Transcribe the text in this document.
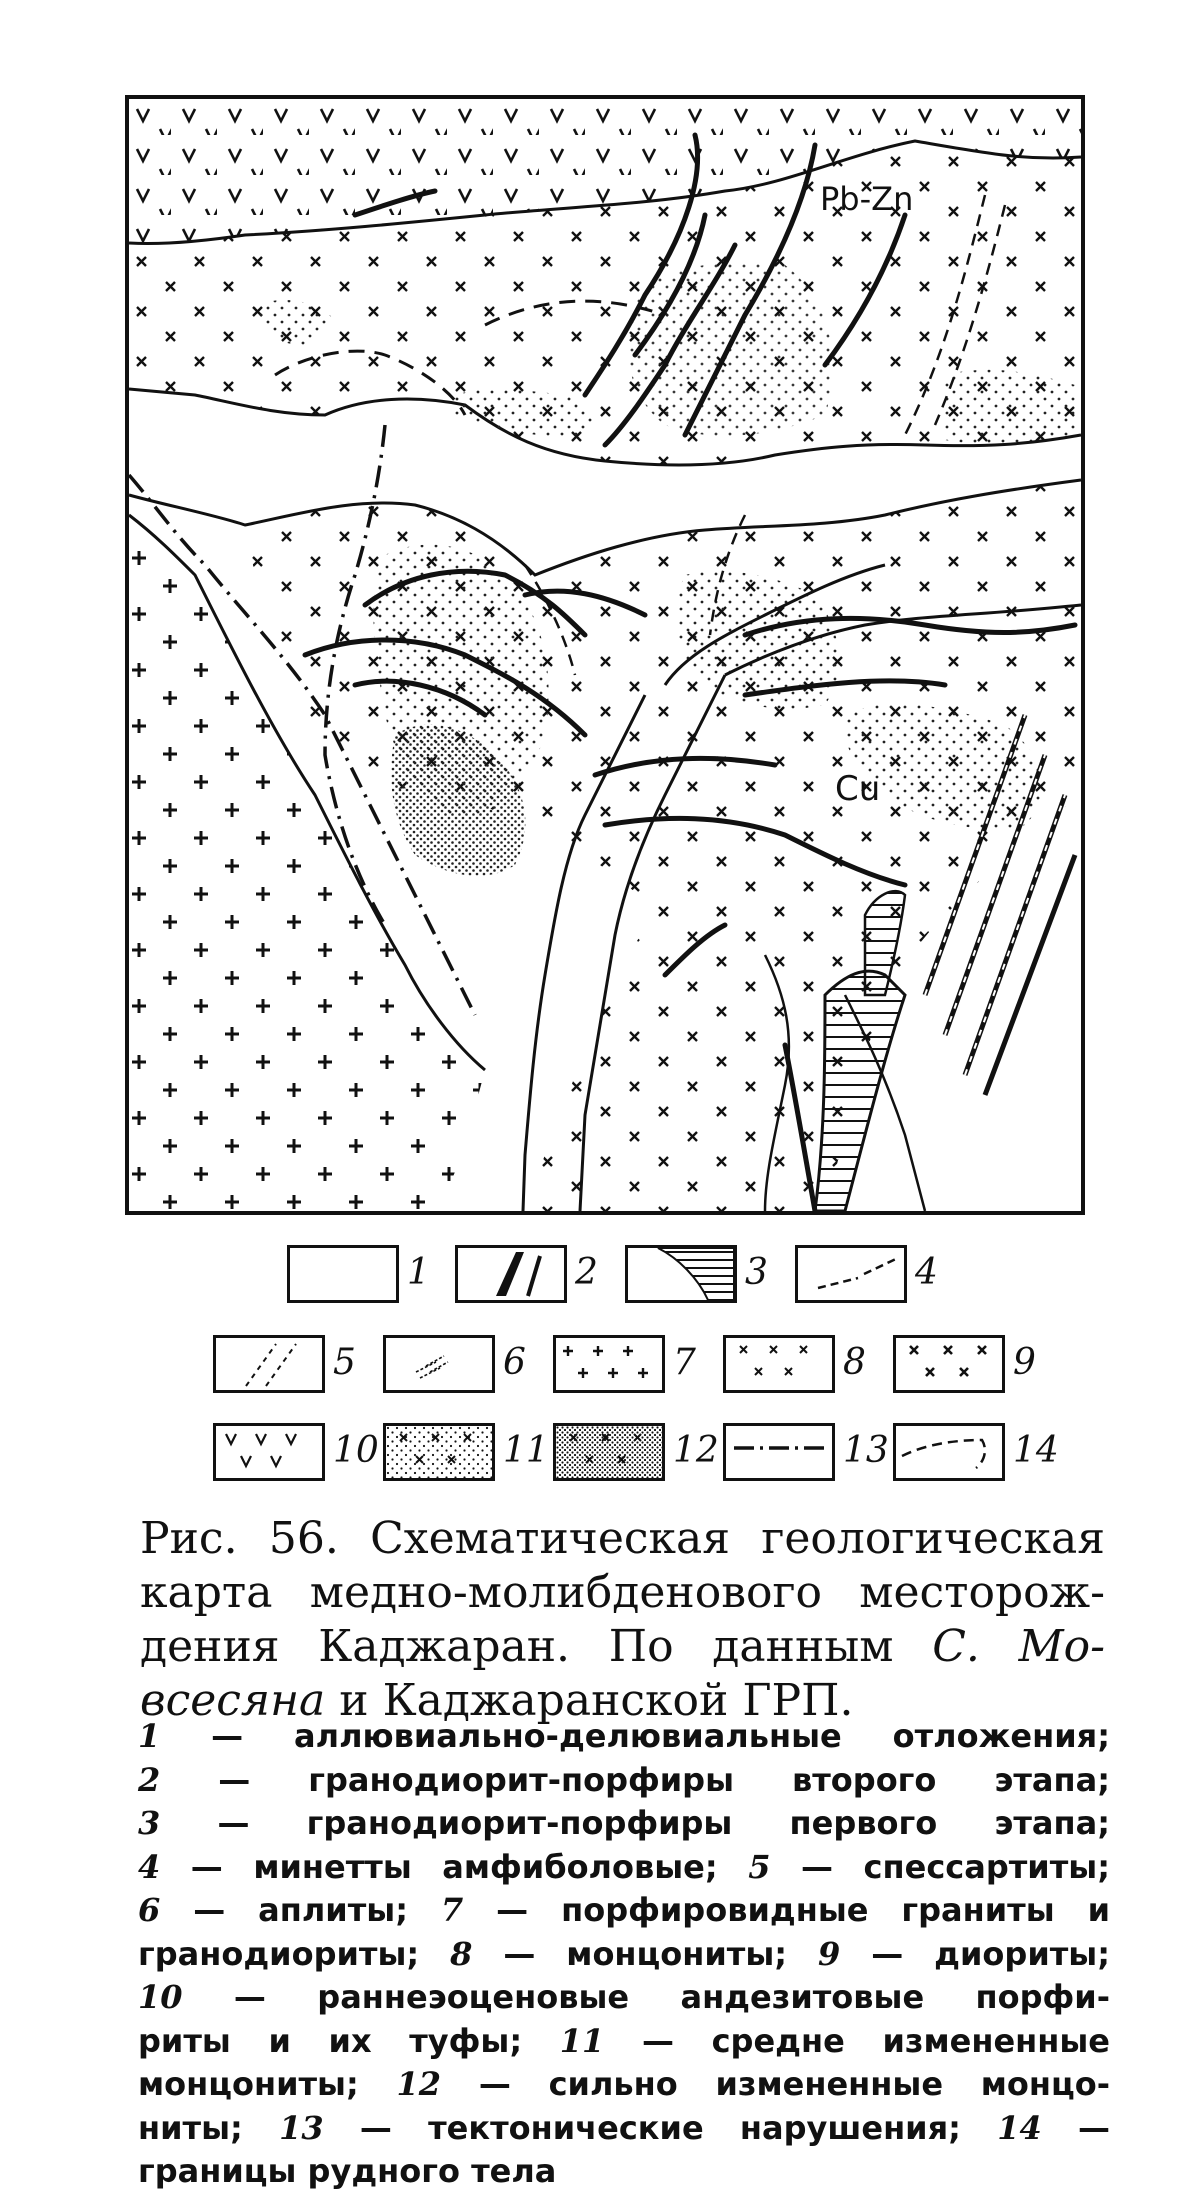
Pb-Zn
Cu
1	2	3	4
5	6	7	8	9
10	11	12	13	14
Рис. 56. Схематическая геологическая
карта медно-молибденового месторож-
дения Каджаран. По данным С. Мо-
всесяна и Каджаранской ГРП.
1 — аллювиально-делювиальные отложения;
2 — гранодиорит-порфиры второго этапа;
3 — гранодиорит-порфиры первого этапа;
4 — минетты амфиболовые; 5 — спессартиты;
6 — аплиты; 7 — порфировидные граниты и
гранодиориты; 8 — монцониты; 9 — диориты;
10 — раннеэоценовые андезитовые порфи-
риты и их туфы; 11 — средне измененные
монцониты; 12 — сильно измененные монцо-
ниты; 13 — тектонические нарушения; 14 —
границы рудного тела
